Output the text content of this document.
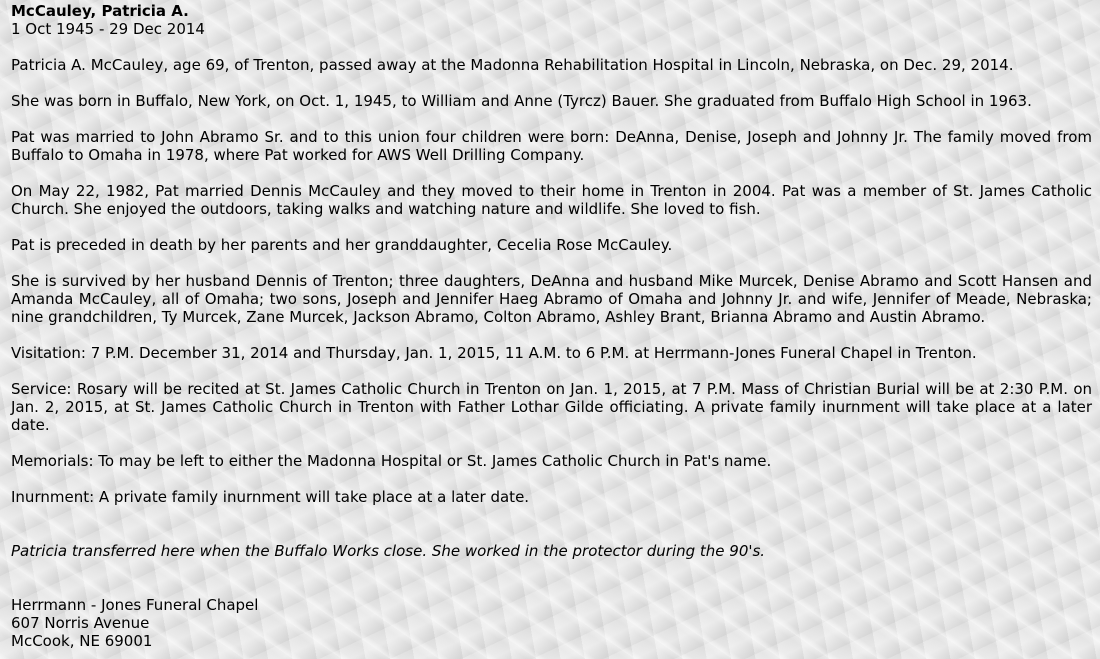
McCauley, Patricia A.
1 Oct 1945 - 29 Dec 2014

Patricia A. McCauley, age 69, of Trenton, passed away at the Madonna Rehabilitation Hospital in Lincoln, Nebraska, on Dec. 29, 2014.

She was born in Buffalo, New York, on Oct. 1, 1945, to William and Anne (Tyrcz) Bauer. She graduated from Buffalo High School in 1963.

Pat was married to John Abramo Sr. and to this union four children were born: DeAnna, Denise, Joseph and Johnny Jr. The family moved from Buffalo to Omaha in 1978, where Pat worked for AWS Well Drilling Company.

On May 22, 1982, Pat married Dennis McCauley and they moved to their home in Trenton in 2004. Pat was a member of St. James Catholic Church. She enjoyed the outdoors, taking walks and watching nature and wildlife. She loved to fish.

Pat is preceded in death by her parents and her granddaughter, Cecelia Rose McCauley.

She is survived by her husband Dennis of Trenton; three daughters, DeAnna and husband Mike Murcek, Denise Abramo and Scott Hansen and Amanda McCauley, all of Omaha; two sons, Joseph and Jennifer Haeg Abramo of Omaha and Johnny Jr. and wife, Jennifer of Meade, Nebraska; nine grandchildren, Ty Murcek, Zane Murcek, Jackson Abramo, Colton Abramo, Ashley Brant, Brianna Abramo and Austin Abramo.

Visitation: 7 P.M. December 31, 2014 and Thursday, Jan. 1, 2015, 11 A.M. to 6 P.M. at Herrmann-Jones Funeral Chapel in Trenton.

Service: Rosary will be recited at St. James Catholic Church in Trenton on Jan. 1, 2015, at 7 P.M. Mass of Christian Burial will be at 2:30 P.M. on Jan. 2, 2015, at St. James Catholic Church in Trenton with Father Lothar Gilde officiating. A private family inurnment will take place at a later date.

Memorials: To may be left to either the Madonna Hospital or St. James Catholic Church in Pat's name.

Inurnment: A private family inurnment will take place at a later date.

Patricia transferred here when the Buffalo Works close. She worked in the protector during the 90's.

Herrmann - Jones Funeral Chapel
607 Norris Avenue
McCook, NE 69001
